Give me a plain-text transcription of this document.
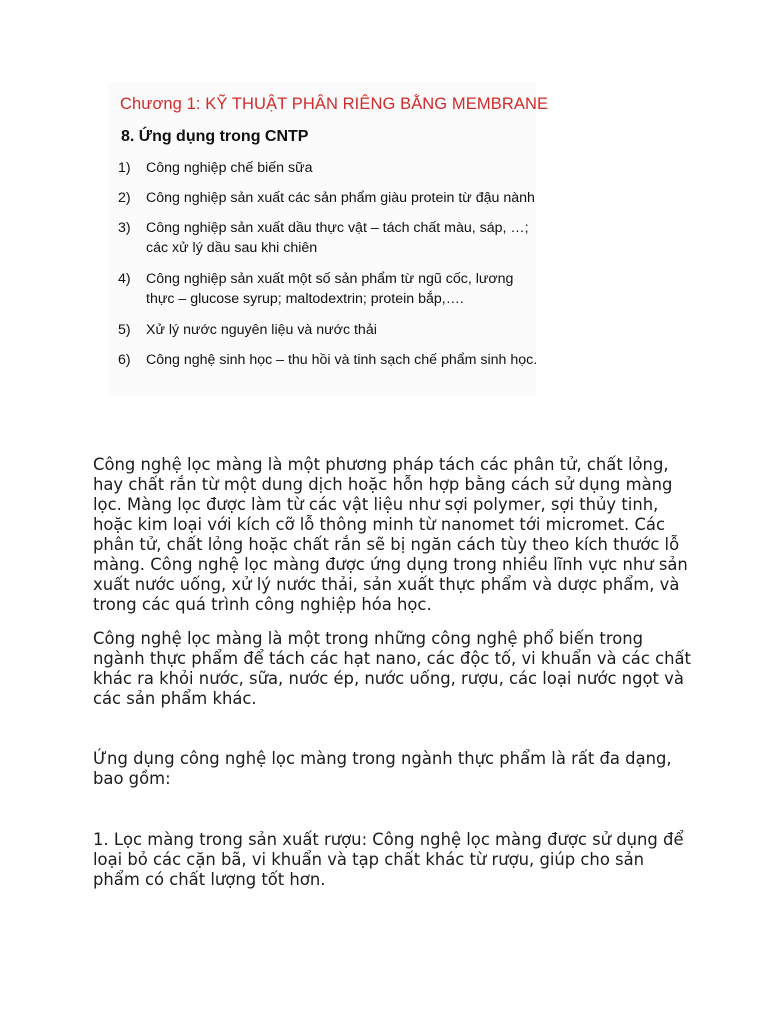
Chương 1: KỸ THUẬT PHÂN RIÊNG BẰNG MEMBRANE
8. Ứng dụng trong CNTP
1) Công nghiệp chế biến sữa
2) Công nghiệp sản xuất các sản phẩm giàu protein từ đậu nành
3) Công nghiệp sản xuất dầu thực vật – tách chất màu, sáp, …;
các xử lý dầu sau khi chiên
4) Công nghiệp sản xuất một số sản phẩm từ ngũ cốc, lương
thực – glucose syrup; maltodextrin; protein bắp,….
5) Xử lý nước nguyên liệu và nước thải
6) Công nghệ sinh học – thu hồi và tinh sạch chế phẩm sinh học.

Công nghệ lọc màng là một phương pháp tách các phân tử, chất lỏng, hay chất rắn từ một dung dịch hoặc hỗn hợp bằng cách sử dụng màng lọc. Màng lọc được làm từ các vật liệu như sợi polymer, sợi thủy tinh, hoặc kim loại với kích cỡ lỗ thông minh từ nanomet tới micromet. Các phân tử, chất lỏng hoặc chất rắn sẽ bị ngăn cách tùy theo kích thước lỗ màng. Công nghệ lọc màng được ứng dụng trong nhiều lĩnh vực như sản xuất nước uống, xử lý nước thải, sản xuất thực phẩm và dược phẩm, và trong các quá trình công nghiệp hóa học.

Công nghệ lọc màng là một trong những công nghệ phổ biến trong ngành thực phẩm để tách các hạt nano, các độc tố, vi khuẩn và các chất khác ra khỏi nước, sữa, nước ép, nước uống, rượu, các loại nước ngọt và các sản phẩm khác.

Ứng dụng công nghệ lọc màng trong ngành thực phẩm là rất đa dạng, bao gồm:

1. Lọc màng trong sản xuất rượu: Công nghệ lọc màng được sử dụng để loại bỏ các cặn bã, vi khuẩn và tạp chất khác từ rượu, giúp cho sản phẩm có chất lượng tốt hơn.
